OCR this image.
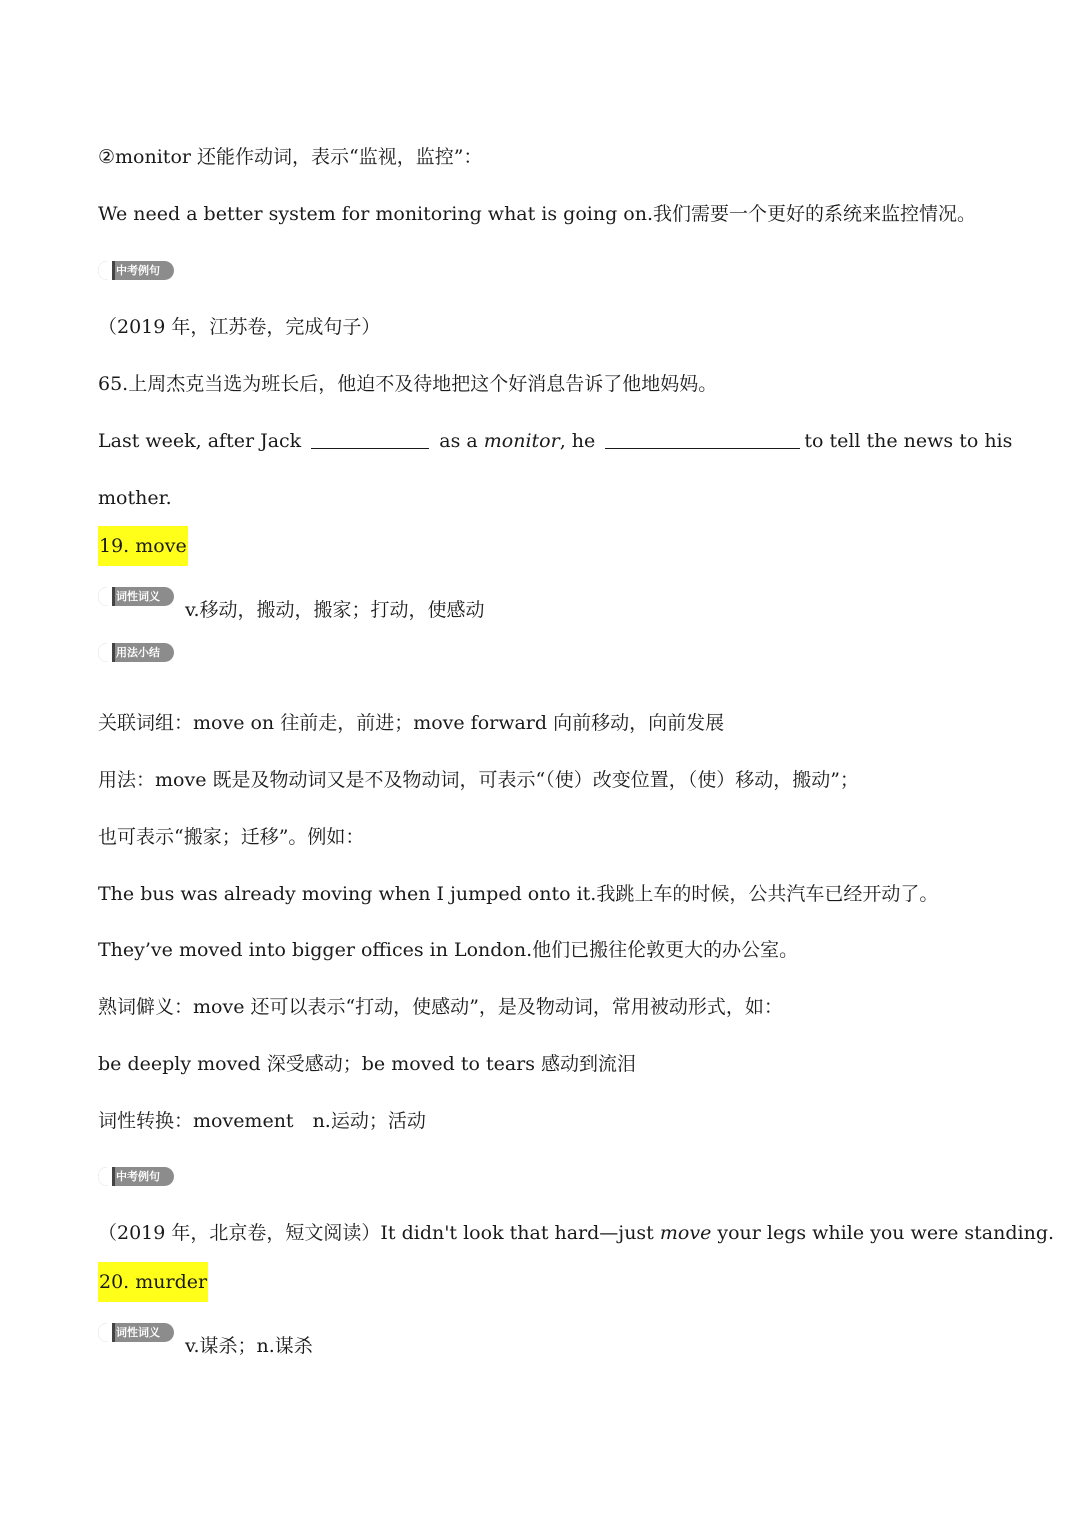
②monitor 还能作动词，表示“监视，监控”：
We need a better system for monitoring what is going on.我们需要一个更好的系统来监控情况。
中考例句
（2019 年，江苏卷，完成句子）
65.上周杰克当选为班长后，他迫不及待地把这个好消息告诉了他地妈妈。
Last week, after Jack	as a monitor, he	to tell the news to his
mother.
19. move
词性词义
v.移动，搬动，搬家；打动，使感动
用法小结
关联词组：move on 往前走，前进；move forward 向前移动，向前发展
用法：move 既是及物动词又是不及物动词，可表示“（使）改变位置，（使）移动，搬动”；
也可表示“搬家；迁移”。例如：
The bus was already moving when I jumped onto it.我跳上车的时候，公共汽车已经开动了。
They’ve moved into bigger offices in London.他们已搬往伦敦更大的办公室。
熟词僻义：move 还可以表示“打动，使感动”，是及物动词，常用被动形式，如：
be deeply moved 深受感动；be moved to tears 感动到流泪
词性转换：movement　n.运动；活动
中考例句
（2019 年，北京卷，短文阅读）It didn't look that hard—just move your legs while you were standing.
20. murder
词性词义
v.谋杀；n.谋杀
